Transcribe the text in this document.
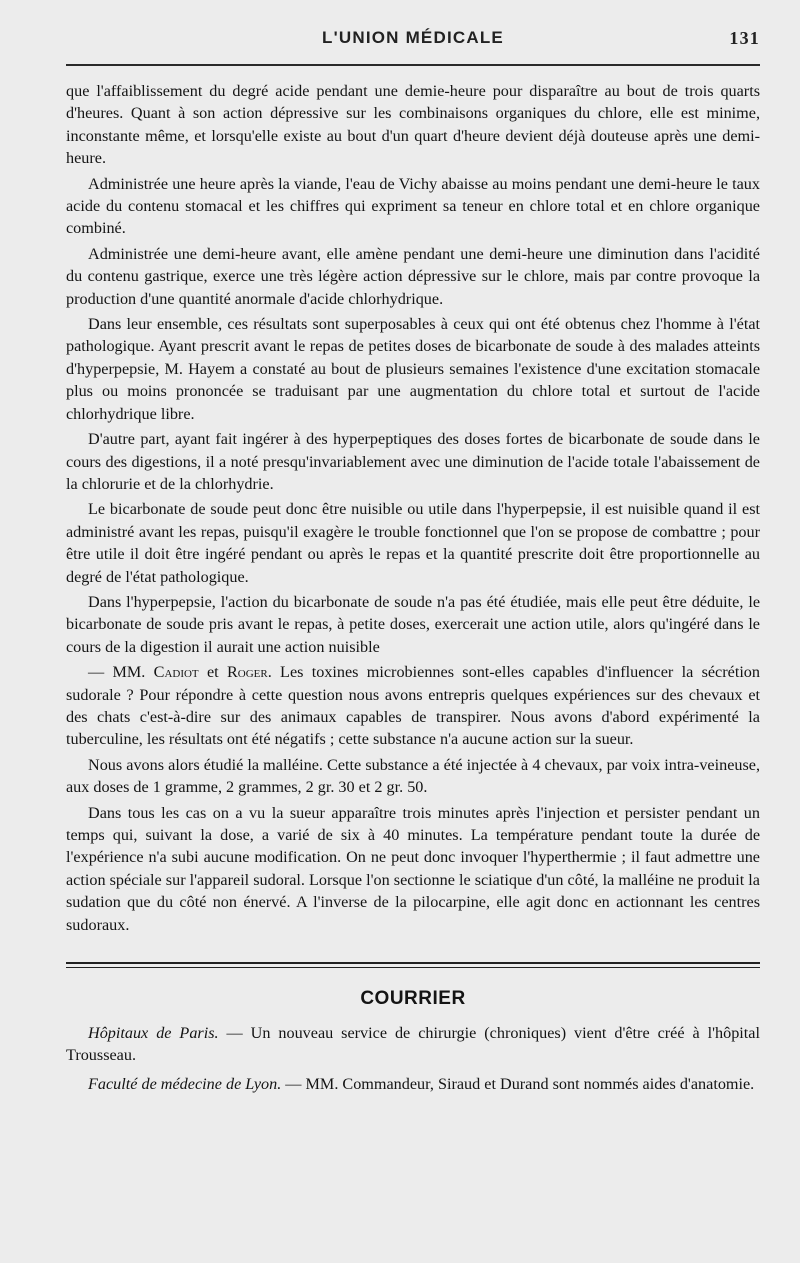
L'UNION MÉDICALE	131

que l'affaiblissement du degré acide pendant une demie-heure pour disparaître au bout de trois quarts d'heures. Quant à son action dépressive sur les combinaisons organiques du chlore, elle est minime, inconstante même, et lorsqu'elle existe au bout d'un quart d'heure devient déjà douteuse après une demi-heure.

Administrée une heure après la viande, l'eau de Vichy abaisse au moins pendant une demi-heure le taux acide du contenu stomacal et les chiffres qui expriment sa teneur en chlore total et en chlore organique combiné.

Administrée une demi-heure avant, elle amène pendant une demi-heure une diminution dans l'acidité du contenu gastrique, exerce une très légère action dépressive sur le chlore, mais par contre provoque la production d'une quantité anormale d'acide chlorhydrique.

Dans leur ensemble, ces résultats sont superposables à ceux qui ont été obtenus chez l'homme à l'état pathologique. Ayant prescrit avant le repas de petites doses de bicarbonate de soude à des malades atteints d'hyperpepsie, M. Hayem a constaté au bout de plusieurs semaines l'existence d'une excitation stomacale plus ou moins prononcée se traduisant par une augmentation du chlore total et surtout de l'acide chlorhydrique libre.

D'autre part, ayant fait ingérer à des hyperpeptiques des doses fortes de bicarbonate de soude dans le cours des digestions, il a noté presqu'invariablement avec une diminution de l'acide totale l'abaissement de la chlorurie et de la chlorhydrie.

Le bicarbonate de soude peut donc être nuisible ou utile dans l'hyperpepsie, il est nuisible quand il est administré avant les repas, puisqu'il exagère le trouble fonctionnel que l'on se propose de combattre ; pour être utile il doit être ingéré pendant ou après le repas et la quantité prescrite doit être proportionnelle au degré de l'état pathologique.

Dans l'hyperpepsie, l'action du bicarbonate de soude n'a pas été étudiée, mais elle peut être déduite, le bicarbonate de soude pris avant le repas, à petite doses, exercerait une action utile, alors qu'ingéré dans le cours de la digestion il aurait une action nuisible

— MM. Cadiot et Roger. Les toxines microbiennes sont-elles capables d'influencer la sécrétion sudorale ? Pour répondre à cette question nous avons entrepris quelques expériences sur des chevaux et des chats c'est-à-dire sur des animaux capables de transpirer. Nous avons d'abord expérimenté la tuberculine, les résultats ont été négatifs ; cette substance n'a aucune action sur la sueur.

Nous avons alors étudié la malléine. Cette substance a été injectée à 4 chevaux, par voix intra-veineuse, aux doses de 1 gramme, 2 grammes, 2 gr. 30 et 2 gr. 50.

Dans tous les cas on a vu la sueur apparaître trois minutes après l'injection et persister pendant un temps qui, suivant la dose, a varié de six à 40 minutes. La température pendant toute la durée de l'expérience n'a subi aucune modification. On ne peut donc invoquer l'hyperthermie ; il faut admettre une action spéciale sur l'appareil sudoral. Lorsque l'on sectionne le sciatique d'un côté, la malléine ne produit la sudation que du côté non énervé. A l'inverse de la pilocarpine, elle agit donc en actionnant les centres sudoraux.

COURRIER

Hôpitaux de Paris. — Un nouveau service de chirurgie (chroniques) vient d'être créé à l'hôpital Trousseau.

Faculté de médecine de Lyon. — MM. Commandeur, Siraud et Durand sont nommés aides d'anatomie.
